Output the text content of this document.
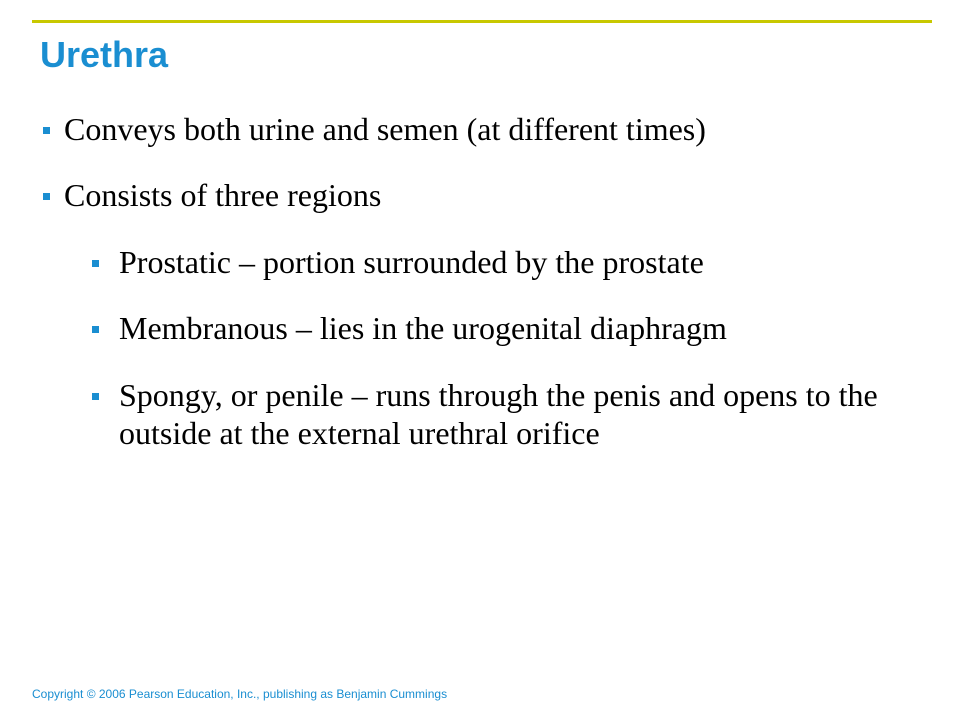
Urethra
Conveys both urine and semen (at different times)
Consists of three regions
Prostatic – portion surrounded by the prostate
Membranous – lies in the urogenital diaphragm
Spongy, or penile – runs through the penis and opens to the outside at the external urethral orifice
Copyright © 2006 Pearson Education, Inc., publishing as Benjamin Cummings
